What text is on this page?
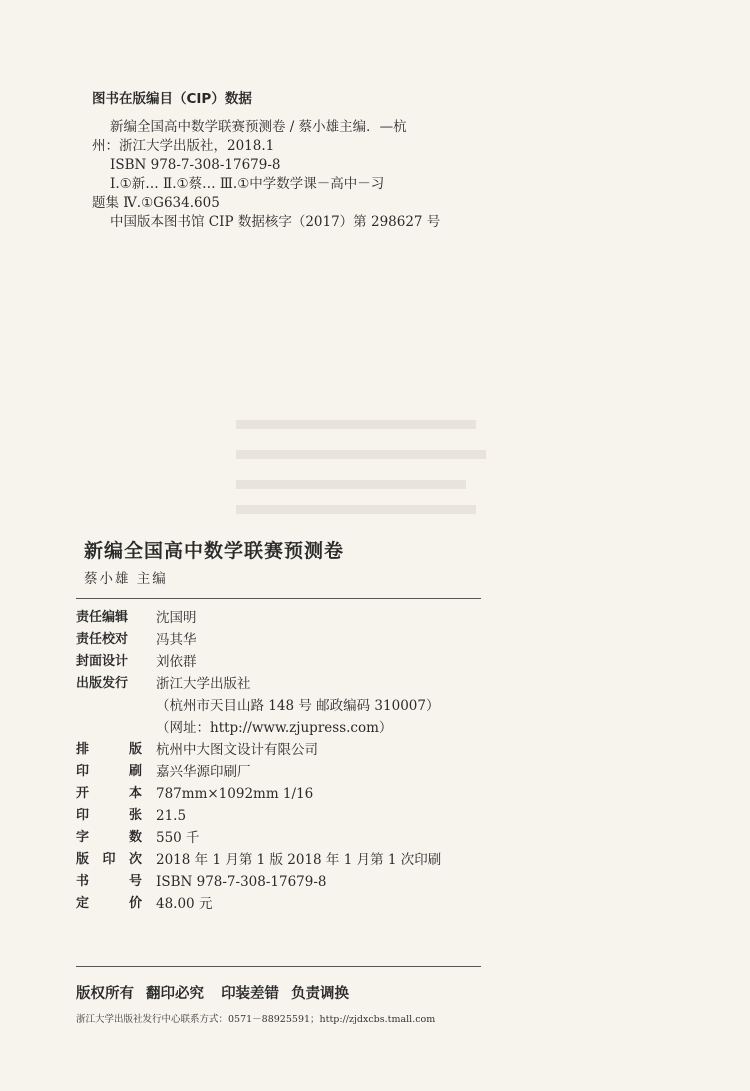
图书在版编目（CIP）数据
新编全国高中数学联赛预测卷 / 蔡小雄主编．—杭
州：浙江大学出版社，2018.1
ISBN 978-7-308-17679-8
Ⅰ.①新… Ⅱ.①蔡… Ⅲ.①中学数学课－高中－习
题集 Ⅳ.①G634.605
中国版本图书馆 CIP 数据核字（2017）第 298627 号
新编全国高中数学联赛预测卷
蔡小雄 主编
责任编辑	沈国明
责任校对	冯其华
封面设计	刘依群
出版发行	浙江大学出版社
（杭州市天目山路 148 号 邮政编码 310007）
（网址：http://www.zjupress.com）
排	版 杭州中大图文设计有限公司
印	刷 嘉兴华源印刷厂
开	本 787mm×1092mm 1/16
印	张 21.5
字	数 550 千
版 印 次 2018 年 1 月第 1 版 2018 年 1 月第 1 次印刷
书	号 ISBN 978-7-308-17679-8
定	价 48.00 元
版权所有 翻印必究 印装差错 负责调换
浙江大学出版社发行中心联系方式：0571－88925591；http://zjdxcbs.tmall.com
